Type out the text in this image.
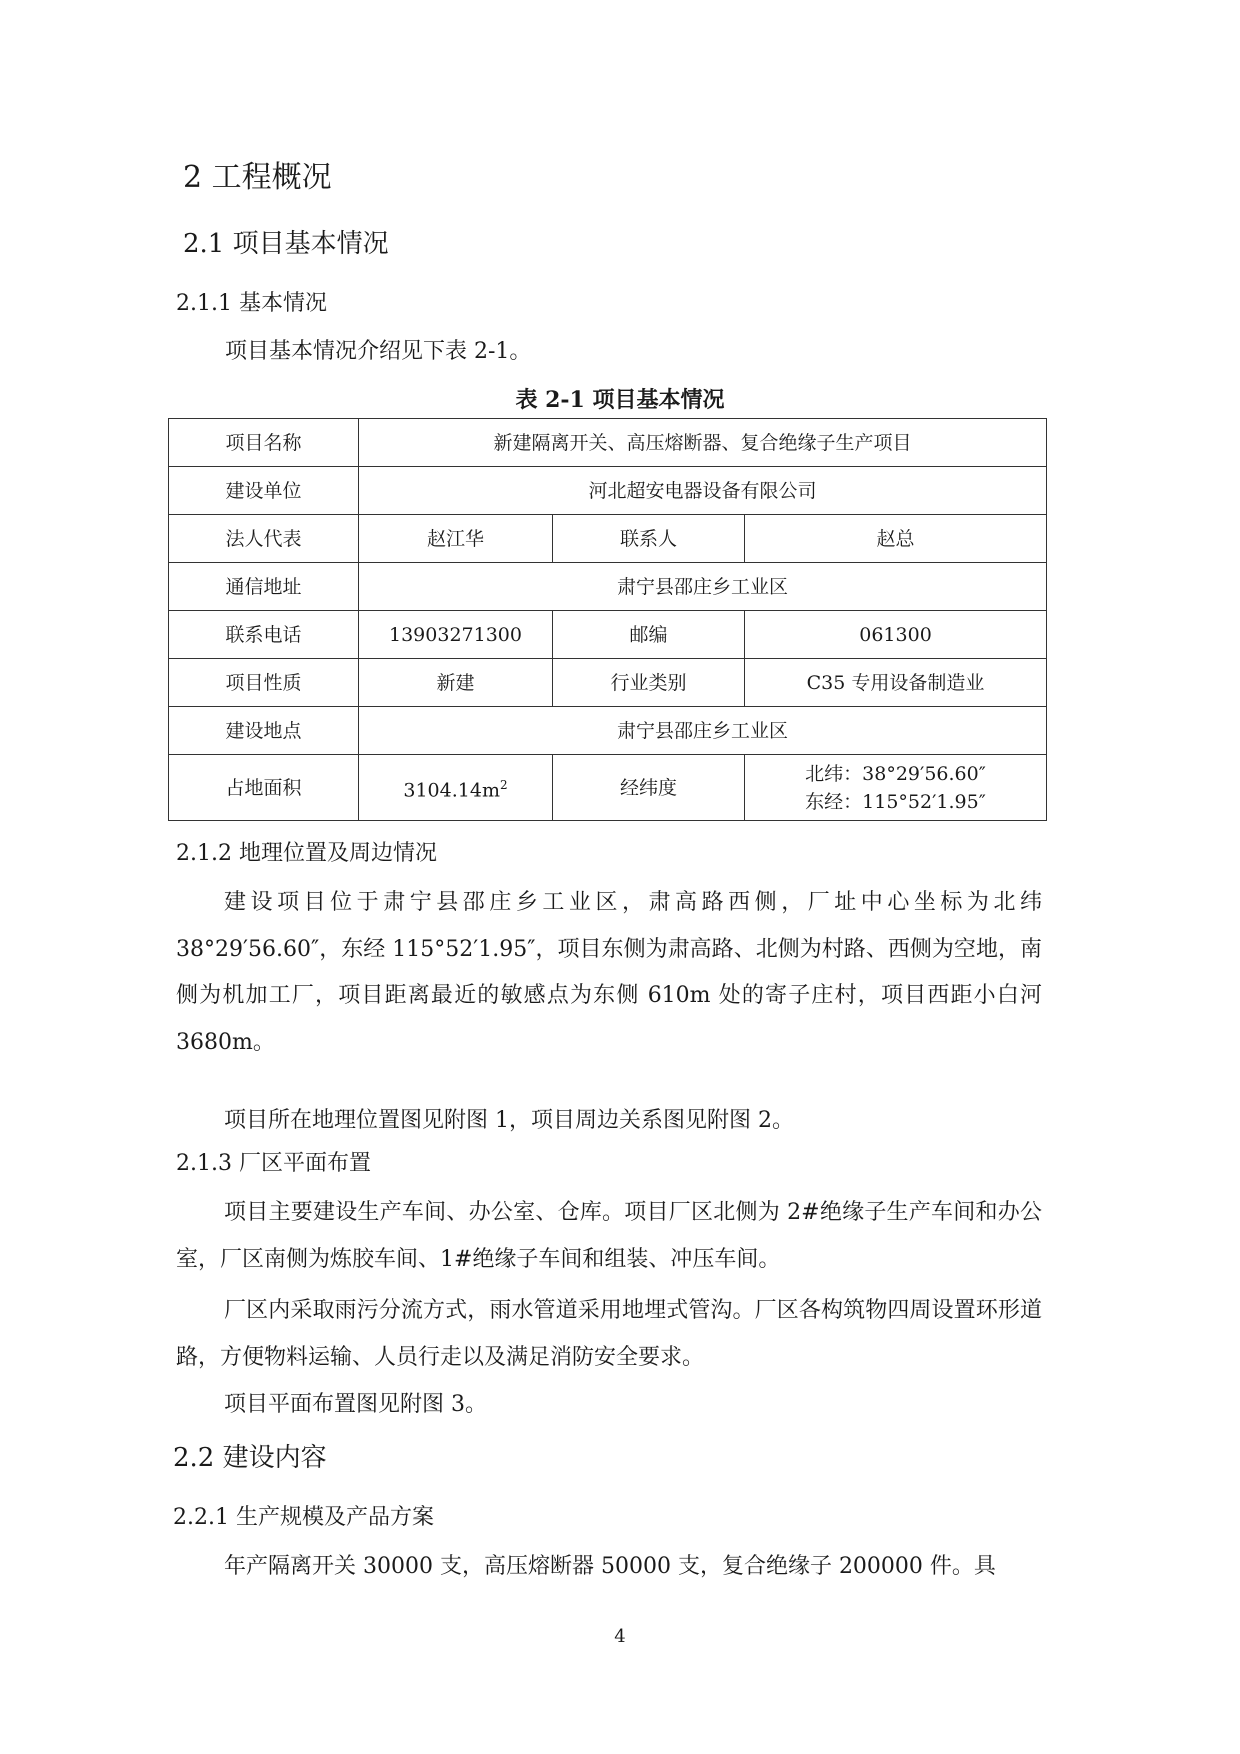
2 工程概况
2.1 项目基本情况
2.1.1 基本情况
项目基本情况介绍见下表 2-1。
表 2-1 项目基本情况
项目名称	新建隔离开关、高压熔断器、复合绝缘子生产项目		
建设单位	河北超安电器设备有限公司		
法人代表	赵江华	联系人	赵总
通信地址	肃宁县邵庄乡工业区		
联系电话	13903271300	邮编	061300
项目性质	新建	行业类别	C35 专用设备制造业
建设地点	肃宁县邵庄乡工业区		
占地面积	$3104.14m^2$	经纬度	北纬：38°29′56.60″
东经：115°52′1.95″
2.1.2 地理位置及周边情况

建设项目位于肃宁县邵庄乡工业区，肃高路西侧，厂址中心坐标为北纬 38°29′56.60″，东经 115°52′1.95″，项目东侧为肃高路、北侧为村路、西侧为空地，南侧为机加工厂，项目距离最近的敏感点为东侧 610m 处的寄子庄村，项目西距小白河 3680m。

项目所在地理位置图见附图 1，项目周边关系图见附图 2。

2.1.3 厂区平面布置

项目主要建设生产车间、办公室、仓库。项目厂区北侧为 2#绝缘子生产车间和办公室，厂区南侧为炼胶车间、1#绝缘子车间和组装、冲压车间。

厂区内采取雨污分流方式，雨水管道采用地埋式管沟。厂区各构筑物四周设置环形道路，方便物料运输、人员行走以及满足消防安全要求。

项目平面布置图见附图 3。

2.2 建设内容
2.2.1 生产规模及产品方案

年产隔离开关 30000 支，高压熔断器 50000 支，复合绝缘子 200000 件。具

4
